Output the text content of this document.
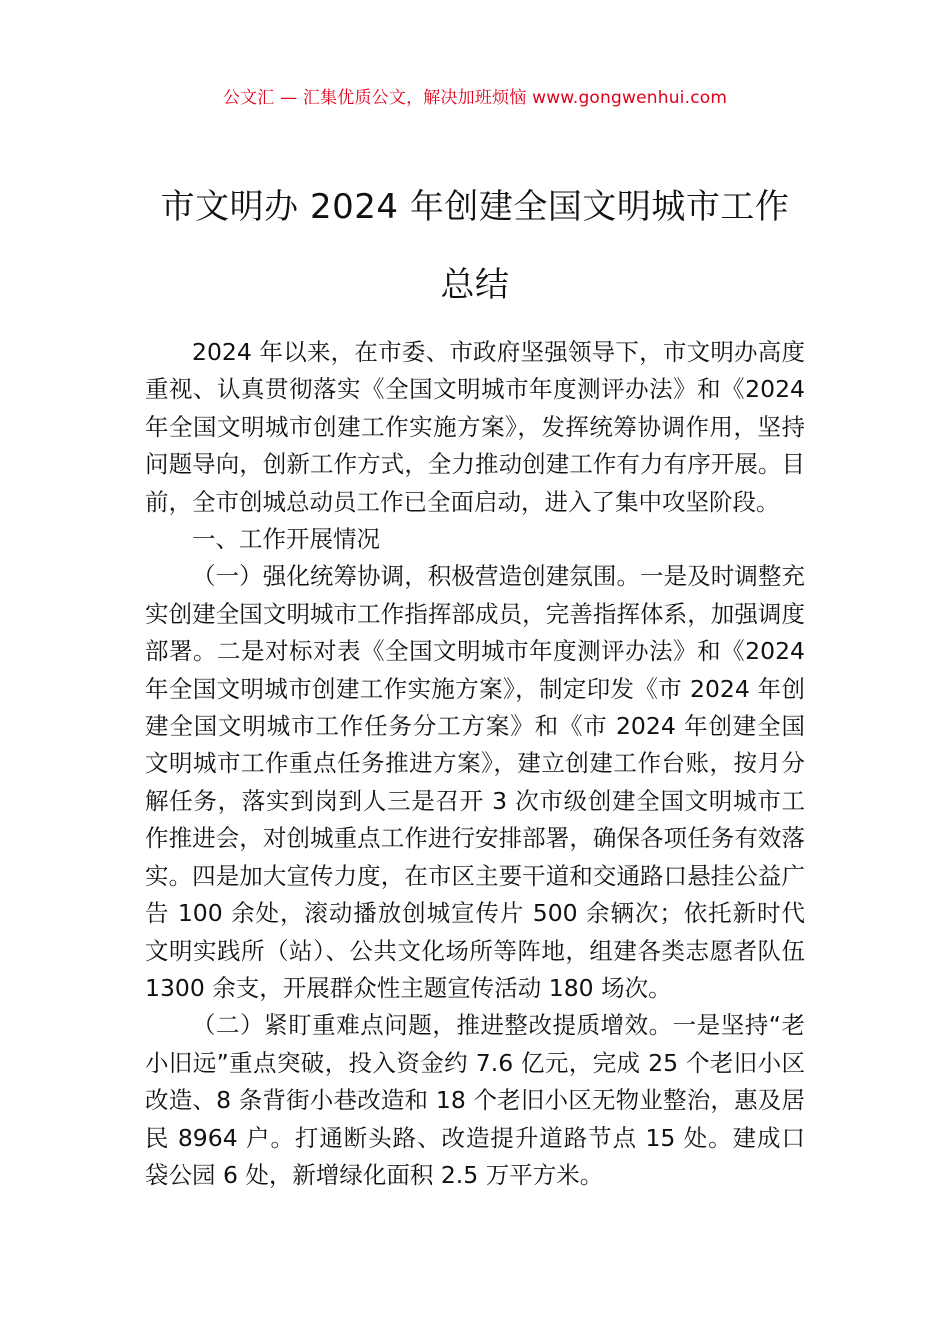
公文汇 — 汇集优质公文，解决加班烦恼 www.gongwenhui.com
市文明办 2024 年创建全国文明城市工作总结

2024 年以来，在市委、市政府坚强领导下，市文明办高度重视、认真贯彻落实《全国文明城市年度测评办法》和《2024 年全国文明城市创建工作实施方案》，发挥统筹协调作用，坚持问题导向，创新工作方式，全力推动创建工作有力有序开展。目前，全市创城总动员工作已全面启动，进入了集中攻坚阶段。

一、工作开展情况

（一）强化统筹协调，积极营造创建氛围。一是及时调整充实创建全国文明城市工作指挥部成员，完善指挥体系，加强调度部署。二是对标对表《全国文明城市年度测评办法》和《2024 年全国文明城市创建工作实施方案》，制定印发《市 2024 年创建全国文明城市工作任务分工方案》和《市 2024 年创建全国文明城市工作重点任务推进方案》，建立创建工作台账，按月分解任务，落实到岗到人三是召开 3 次市级创建全国文明城市工作推进会，对创城重点工作进行安排部署，确保各项任务有效落实。四是加大宣传力度，在市区主要干道和交通路口悬挂公益广告 100 余处，滚动播放创城宣传片 500 余辆次；依托新时代文明实践所（站）、公共文化场所等阵地，组建各类志愿者队伍 1300 余支，开展群众性主题宣传活动 180 场次。

（二）紧盯重难点问题，推进整改提质增效。一是坚持“老小旧远”重点突破，投入资金约 7.6 亿元，完成 25 个老旧小区改造、8 条背街小巷改造和 18 个老旧小区无物业整治，惠及居民 8964 户。打通断头路、改造提升道路节点 15 处。建成口袋公园 6 处，新增绿化面积 2.5 万平方米。
